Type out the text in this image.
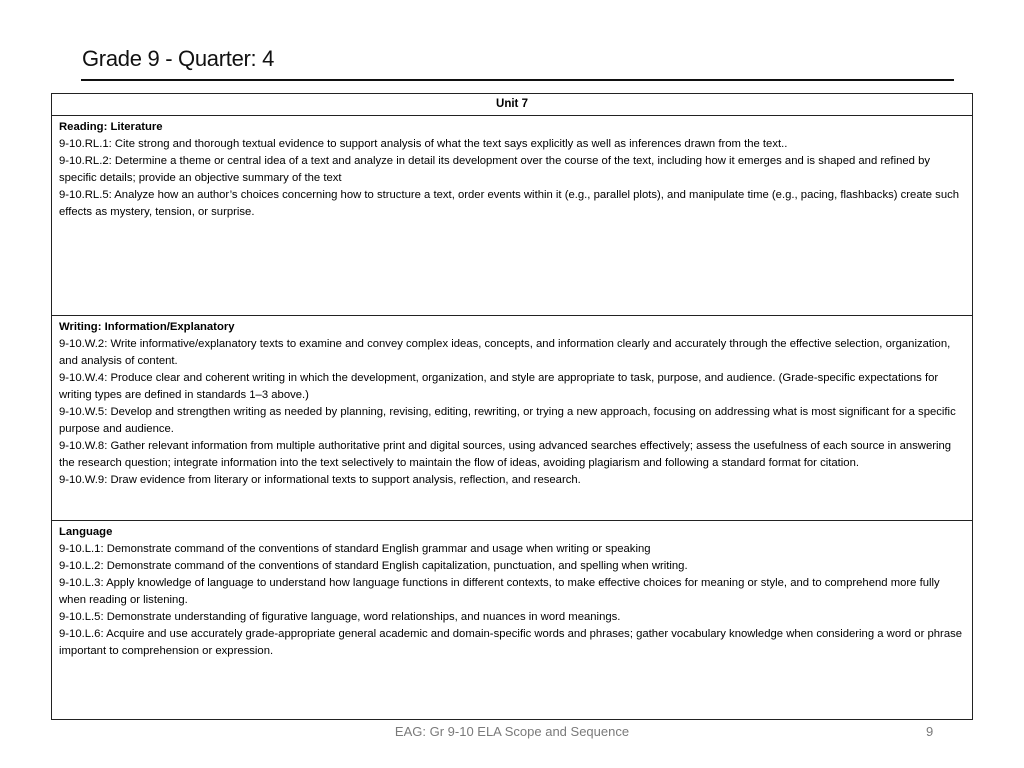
Grade 9 - Quarter: 4
Unit 7
Reading: Literature
9-10.RL.1: Cite strong and thorough textual evidence to support analysis of what the text says explicitly as well as inferences drawn from the text..
9-10.RL.2: Determine a theme or central idea of a text and analyze in detail its development over the course of the text, including how it emerges and is shaped and refined by specific details; provide an objective summary of the text
9-10.RL.5: Analyze how an author’s choices concerning how to structure a text, order events within it (e.g., parallel plots), and manipulate time (e.g., pacing, flashbacks) create such effects as mystery, tension, or surprise.
Writing: Information/Explanatory
9-10.W.2: Write informative/explanatory texts to examine and convey complex ideas, concepts, and information clearly and accurately through the effective selection, organization, and analysis of content.
9-10.W.4: Produce clear and coherent writing in which the development, organization, and style are appropriate to task, purpose, and audience. (Grade-specific expectations for writing types are defined in standards 1–3 above.)
9-10.W.5: Develop and strengthen writing as needed by planning, revising, editing, rewriting, or trying a new approach, focusing on addressing what is most significant for a specific purpose and audience.
9-10.W.8: Gather relevant information from multiple authoritative print and digital sources, using advanced searches effectively; assess the usefulness of each source in answering the research question; integrate information into the text selectively to maintain the flow of ideas, avoiding plagiarism and following a standard format for citation.
9-10.W.9: Draw evidence from literary or informational texts to support analysis, reflection, and research.
Language
9-10.L.1: Demonstrate command of the conventions of standard English grammar and usage when writing or speaking
9-10.L.2: Demonstrate command of the conventions of standard English capitalization, punctuation, and spelling when writing.
9-10.L.3: Apply knowledge of language to understand how language functions in different contexts, to make effective choices for meaning or style, and to comprehend more fully when reading or listening.
9-10.L.5: Demonstrate understanding of figurative language, word relationships, and nuances in word meanings.
9-10.L.6: Acquire and use accurately grade-appropriate general academic and domain-specific words and phrases; gather vocabulary knowledge when considering a word or phrase important to comprehension or expression.
EAG: Gr 9-10 ELA Scope and Sequence	9
